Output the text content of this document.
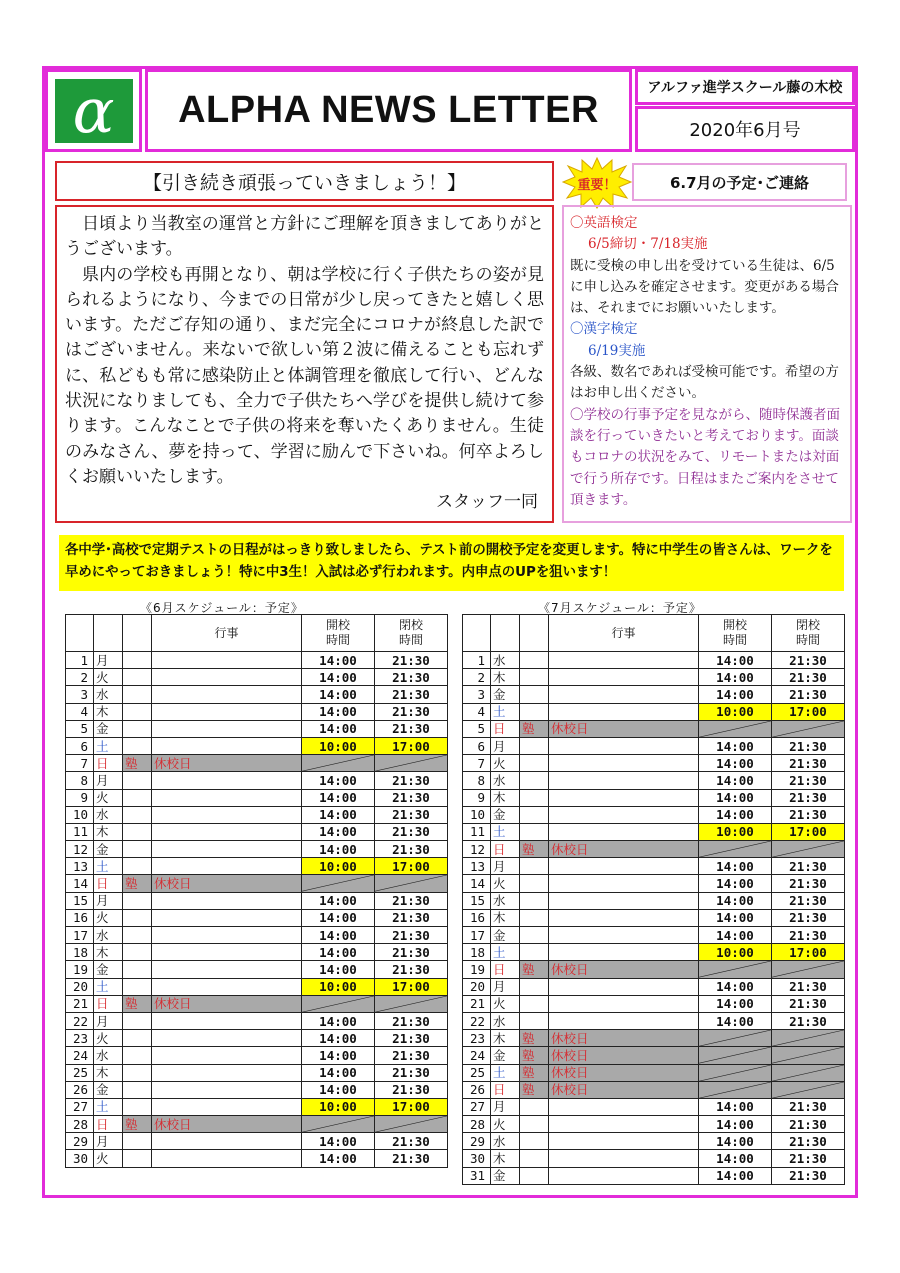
α ALPHA NEWS LETTER
アルファ進学スクール藤の木校
2020年6月号
【引き続き頑張っていきましょう！】

日頃より当教室の運営と方針にご理解を頂きましてありがとうございます。

県内の学校も再開となり、朝は学校に行く子供たちの姿が見られるようになり、今までの日常が少し戻ってきたと嬉しく思います。ただご存知の通り、まだ完全にコロナが終息した訳ではございません。来ないで欲しい第２波に備えることも忘れずに、私どもも常に感染防止と体調管理を徹底して行い、どんな状況になりましても、全力で子供たちへ学びを提供し続けて参ります。こんなことで子供の将来を奪いたくありません。生徒のみなさん、夢を持って、学習に励んで下さいね。何卒よろしくお願いいたします。

スタッフ一同

重要！	6.7月の予定･ご連絡
〇英語検定
6/5締切・7/18実施
既に受検の申し出を受けている生徒は、6/5に申し込みを確定させます。変更がある場合は、それまでにお願いいたします。
〇漢字検定
6/19実施
各級、数名であれば受検可能です。希望の方はお申し出ください。
〇学校の行事予定を見ながら、随時保護者面談を行っていきたいと考えております。面談もコロナの状況をみて、リモートまたは対面で行う所存です。日程はまたご案内をさせて頂きます。
各中学･高校で定期テストの日程がはっきり致しましたら、テスト前の開校予定を変更します。特に中学生の皆さんは、ワークを早めにやっておきましょう！特に中3生！入試は必ず行われます。内申点のUPを狙います！
《6月スケジュール：予定》
			行事	開校
時間	閉校
時間
1	月			14:00	21:30
2	火			14:00	21:30
3	水			14:00	21:30
4	木			14:00	21:30
5	金			14:00	21:30
6	土			10:00	17:00
7	日	塾	休校日	

8	月			14:00	21:30
9	火			14:00	21:30
10	水			14:00	21:30
11	木			14:00	21:30
12	金			14:00	21:30
13	土			10:00	17:00
14	日	塾	休校日	

15	月			14:00	21:30
16	火			14:00	21:30
17	水			14:00	21:30
18	木			14:00	21:30
19	金			14:00	21:30
20	土			10:00	17:00
21	日	塾	休校日	

22	月			14:00	21:30
23	火			14:00	21:30
24	水			14:00	21:30
25	木			14:00	21:30
26	金			14:00	21:30
27	土			10:00	17:00
28	日	塾	休校日	

29	月			14:00	21:30
30	火			14:00	21:30
《7月スケジュール：予定》
			行事	開校
時間	閉校
時間
1	水			14:00	21:30
2	木			14:00	21:30
3	金			14:00	21:30
4	土			10:00	17:00
5	日	塾	休校日	

6	月			14:00	21:30
7	火			14:00	21:30
8	水			14:00	21:30
9	木			14:00	21:30
10	金			14:00	21:30
11	土			10:00	17:00
12	日	塾	休校日	

13	月			14:00	21:30
14	火			14:00	21:30
15	水			14:00	21:30
16	木			14:00	21:30
17	金			14:00	21:30
18	土			10:00	17:00
19	日	塾	休校日	

20	月			14:00	21:30
21	火			14:00	21:30
22	水			14:00	21:30
23	木	塾	休校日	

24	金	塾	休校日	

25	土	塾	休校日	

26	日	塾	休校日	

27	月			14:00	21:30
28	火			14:00	21:30
29	水			14:00	21:30
30	木			14:00	21:30
31	金			14:00	21:30
